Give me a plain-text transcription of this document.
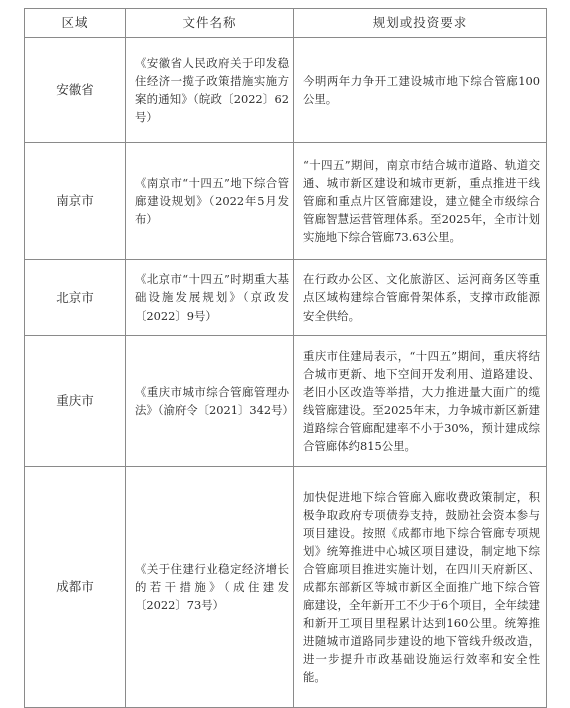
区域	文件名称	规划或投资要求
安徽省	《安徽省人民政府关于印发稳住经济一揽子政策措施实施方案的通知》（皖政〔2022〕62号）	今明两年力争开工建设城市地下综合管廊100公里。

南京市	《南京市“十四五”地下综合管廊建设规划》（2022年5月发布）	“十四五”期间，南京市结合城市道路、轨道交通、城市新区建设和城市更新，重点推进干线管廊和重点片区管廊建设，建立健全市级综合管廊智慧运营管理体系。至2025年，全市计划实施地下综合管廊73.63公里。

北京市	《北京市“十四五”时期重大基础设施发展规划》（京政发〔2022〕9号）	在行政办公区、文化旅游区、运河商务区等重点区域构建综合管廊骨架体系，支撑市政能源安全供给。

重庆市	《重庆市城市综合管廊管理办法》（渝府令〔2021〕342号）	重庆市住建局表示，“十四五”期间，重庆将结合城市更新、地下空间开发利用、道路建设、老旧小区改造等举措，大力推进量大面广的缆线管廊建设。至2025年末，力争城市新区新建道路综合管廊配建率不小于30%，预计建成综合管廊体约815公里。

成都市	《关于住建行业稳定经济增长的若干措施》（成住建发〔2022〕73号）	加快促进地下综合管廊入廊收费政策制定，积极争取政府专项债券支持，鼓励社会资本参与项目建设。按照《成都市地下综合管廊专项规划》统筹推进中心城区项目建设，制定地下综合管廊项目推进实施计划，在四川天府新区、成都东部新区等城市新区全面推广地下综合管廊建设，全年新开工不少于6个项目，全年续建和新开工项目里程累计达到160公里。统筹推进随城市道路同步建设的地下管线升级改造，进一步提升市政基础设施运行效率和安全性能。
